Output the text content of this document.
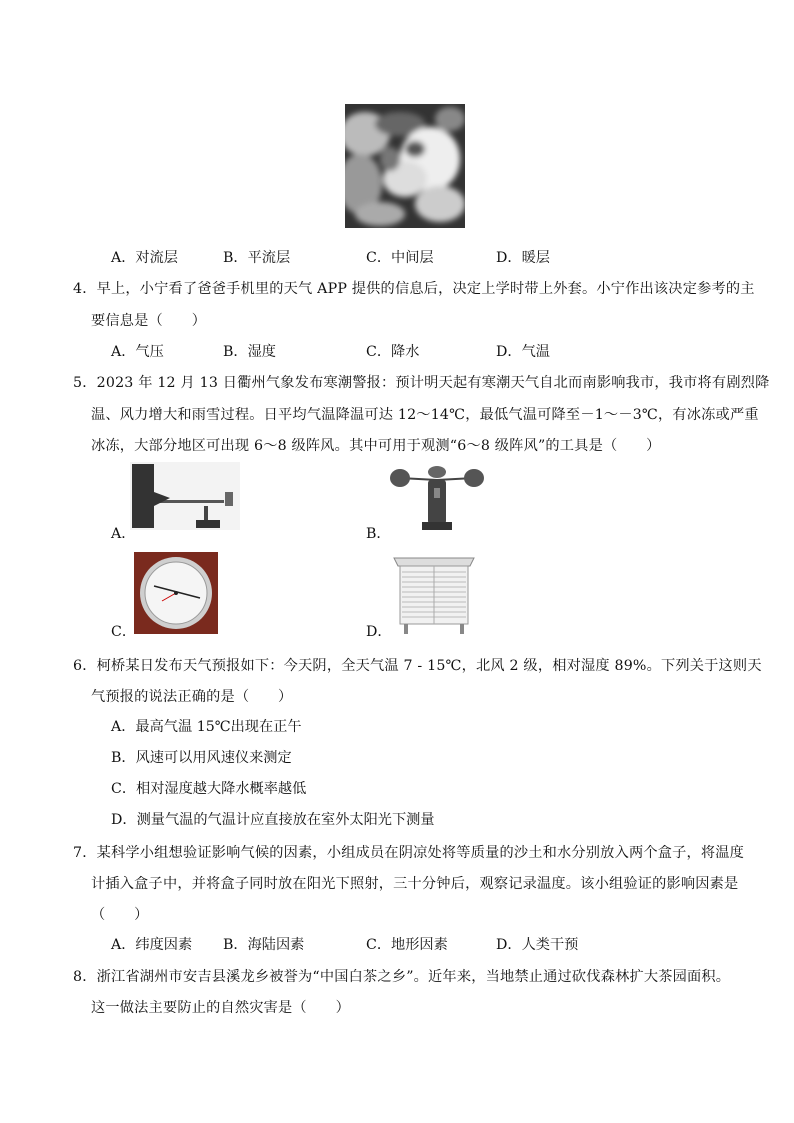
A．对流层	B．平流层	C．中间层	D．暖层
4．早上，小宁看了爸爸手机里的天气 APP 提供的信息后，决定上学时带上外套。小宁作出该决定参考的主
要信息是（　　）
A．气压	B．湿度	C．降水	D．气温
5．2023 年 12 月 13 日衢州气象发布寒潮警报：预计明天起有寒潮天气自北而南影响我市，我市将有剧烈降
温、风力增大和雨雪过程。日平均气温降温可达 12～14℃，最低气温可降至－1～－3℃，有冰冻或严重
冰冻，大部分地区可出现 6～8 级阵风。其中可用于观测“6～8 级阵风”的工具是（　　）
A．	B．
C．	D．
6．柯桥某日发布天气预报如下：今天阴，全天气温 7 - 15℃，北风 2 级，相对湿度 89%。下列关于这则天
气预报的说法正确的是（　　）
A．最高气温 15℃出现在正午
B．风速可以用风速仪来测定
C．相对湿度越大降水概率越低
D．测量气温的气温计应直接放在室外太阳光下测量
7．某科学小组想验证影响气候的因素，小组成员在阴凉处将等质量的沙土和水分别放入两个盒子，将温度
计插入盒子中，并将盒子同时放在阳光下照射，三十分钟后，观察记录温度。该小组验证的影响因素是
（　　）
A．纬度因素 B．海陆因素	C．地形因素	D．人类干预
8．浙江省湖州市安吉县溪龙乡被誉为“中国白茶之乡”。近年来，当地禁止通过砍伐森林扩大茶园面积。
这一做法主要防止的自然灾害是（　　）
